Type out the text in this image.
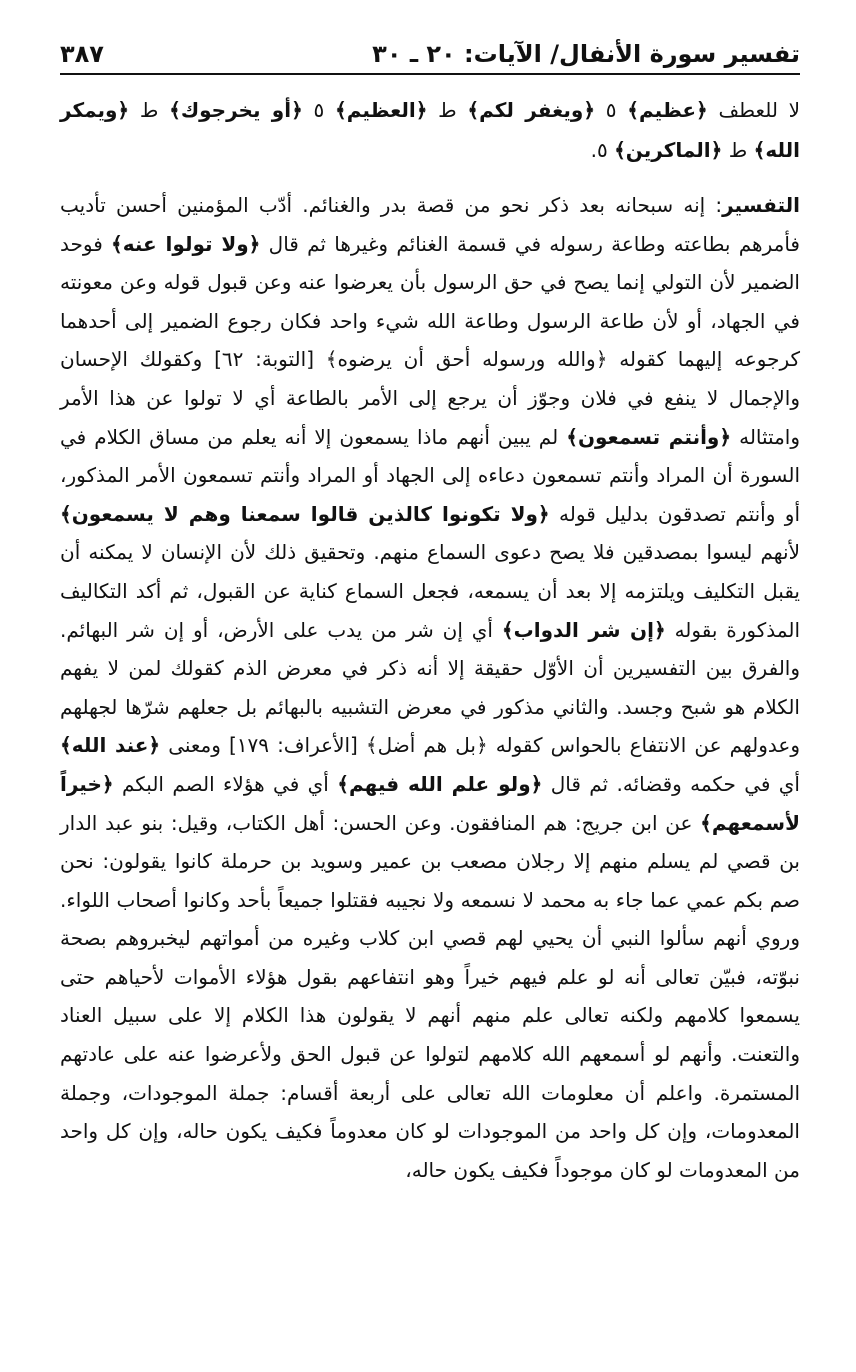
تفسير سورة الأنفال/ الآيات: ٢٠ ـ ٣٠
٣٨٧

لا للعطف ﴿عظيم﴾ ٥ ﴿ويغفر لكم﴾ ط ﴿العظيم﴾ ٥ ﴿أو يخرجوك﴾ ط ﴿ويمكر الله﴾ ط ﴿الماكرين﴾ ٥.

التفسير: إنه سبحانه بعد ذكر نحو من قصة بدر والغنائم. أدّب المؤمنين أحسن تأديب فأمرهم بطاعته وطاعة رسوله في قسمة الغنائم وغيرها ثم قال ﴿ولا تولوا عنه﴾ فوحد الضمير لأن التولي إنما يصح في حق الرسول بأن يعرضوا عنه وعن قبول قوله وعن معونته في الجهاد، أو لأن طاعة الرسول وطاعة الله شيء واحد فكان رجوع الضمير إلى أحدهما كرجوعه إليهما كقوله ﴿والله ورسوله أحق أن يرضوه﴾ [التوبة: ٦٢] وكقولك الإحسان والإجمال لا ينفع في فلان وجوّز أن يرجع إلى الأمر بالطاعة أي لا تولوا عن هذا الأمر وامتثاله ﴿وأنتم تسمعون﴾ لم يبين أنهم ماذا يسمعون إلا أنه يعلم من مساق الكلام في السورة أن المراد وأنتم تسمعون دعاءه إلى الجهاد أو المراد وأنتم تسمعون الأمر المذكور، أو وأنتم تصدقون بدليل قوله ﴿ولا تكونوا كالذين قالوا سمعنا وهم لا يسمعون﴾ لأنهم ليسوا بمصدقين فلا يصح دعوى السماع منهم. وتحقيق ذلك لأن الإنسان لا يمكنه أن يقبل التكليف ويلتزمه إلا بعد أن يسمعه، فجعل السماع كناية عن القبول، ثم أكد التكاليف المذكورة بقوله ﴿إن شر الدواب﴾ أي إن شر من يدب على الأرض، أو إن شر البهائم. والفرق بين التفسيرين أن الأوّل حقيقة إلا أنه ذكر في معرض الذم كقولك لمن لا يفهم الكلام هو شبح وجسد. والثاني مذكور في معرض التشبيه بالبهائم بل جعلهم شرّها لجهلهم وعدولهم عن الانتفاع بالحواس كقوله ﴿بل هم أضل﴾ [الأعراف: ١٧٩] ومعنى ﴿عند الله﴾ أي في حكمه وقضائه. ثم قال ﴿ولو علم الله فيهم﴾ أي في هؤلاء الصم البكم ﴿خيراً لأسمعهم﴾ عن ابن جريج: هم المنافقون. وعن الحسن: أهل الكتاب، وقيل: بنو عبد الدار بن قصي لم يسلم منهم إلا رجلان مصعب بن عمير وسويد بن حرملة كانوا يقولون: نحن صم بكم عمي عما جاء به محمد لا نسمعه ولا نجيبه فقتلوا جميعاً بأحد وكانوا أصحاب اللواء. وروي أنهم سألوا النبي أن يحيي لهم قصي ابن كلاب وغيره من أمواتهم ليخبروهم بصحة نبوّته، فبيّن تعالى أنه لو علم فيهم خيراً وهو انتفاعهم بقول هؤلاء الأموات لأحياهم حتى يسمعوا كلامهم ولكنه تعالى علم منهم أنهم لا يقولون هذا الكلام إلا على سبيل العناد والتعنت. وأنهم لو أسمعهم الله كلامهم لتولوا عن قبول الحق ولأعرضوا عنه على عادتهم المستمرة. واعلم أن معلومات الله تعالى على أربعة أقسام: جملة الموجودات، وجملة المعدومات، وإن كل واحد من الموجودات لو كان معدوماً فكيف يكون حاله، وإن كل واحد من المعدومات لو كان موجوداً فكيف يكون حاله،
